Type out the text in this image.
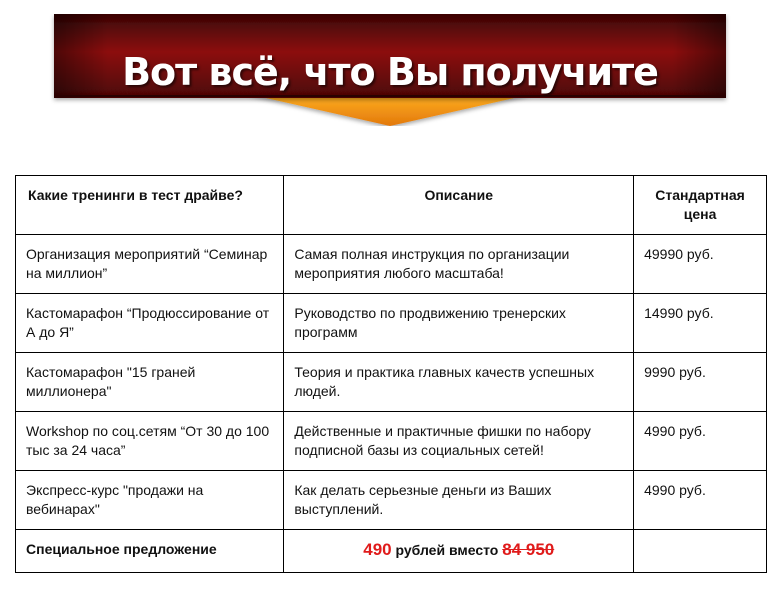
Вот всё, что Вы получите
Какие тренинги в тест драйве?	Описание	Стандартная цена
Организация мероприятий “Семинар на миллион”	Самая полная инструкция по организации мероприятия любого масштаба!	49990 руб.
Кастомарафон “Продюссирование от А до Я”	Руководство по продвижению тренерских программ	14990 руб.
Кастомарафон "15 граней миллионера"	Теория и практика главных качеств успешных людей.	9990 руб.
Workshop по соц.сетям “От 30 до 100 тыс за 24 часа”	Действенные и практичные фишки по набору подписной базы из социальных сетей!	4990 руб.
Экспресс-курс "продажи на вебинарах"	Как делать серьезные деньги из Ваших выступлений.	4990 руб.
Специальное предложение	490 рублей вместо 84 950	
